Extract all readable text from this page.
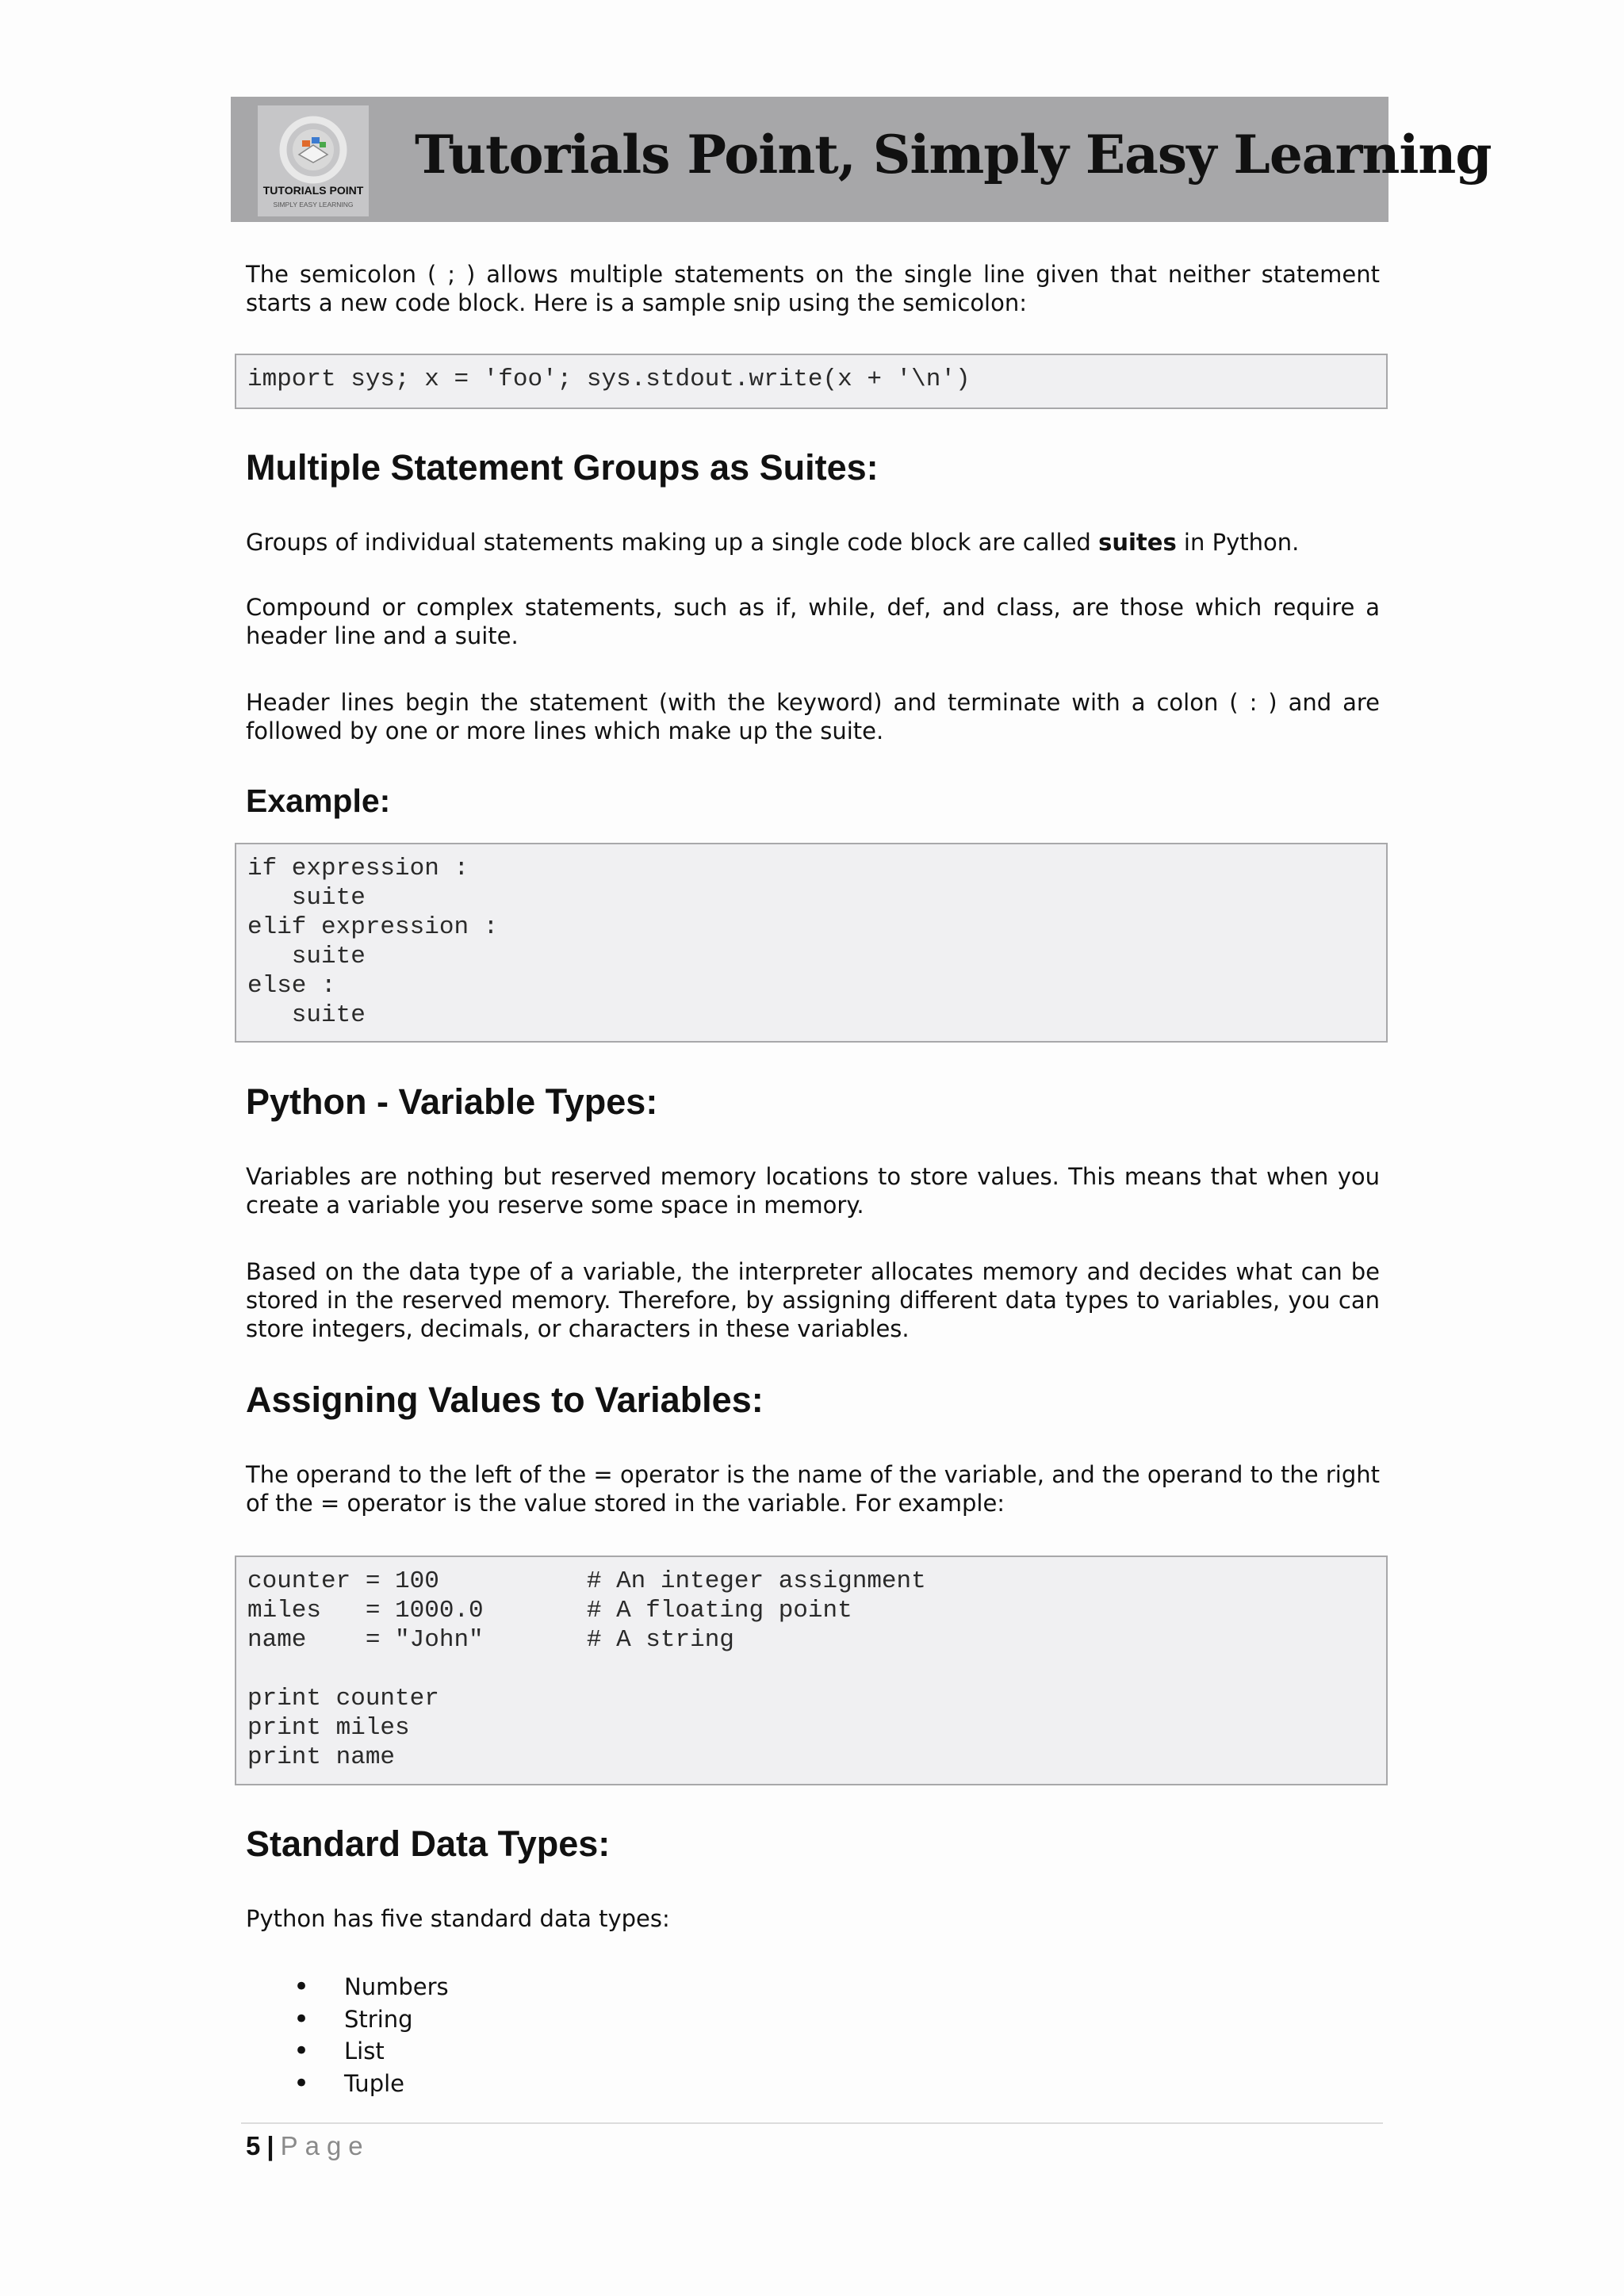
TUTORIALS POINT
SIMPLY EASY LEARNING
Tutorials Point, Simply Easy Learning

The semicolon ( ; ) allows multiple statements on the single line given that neither statement starts a new code block. Here is a sample snip using the semicolon:

import sys; x = 'foo'; sys.stdout.write(x + '\n')
Multiple Statement Groups as Suites:

Groups of individual statements making up a single code block are called suites in Python.

Compound or complex statements, such as if, while, def, and class, are those which require a header line and a suite.

Header lines begin the statement (with the keyword) and terminate with a colon ( : ) and are followed by one or more lines which make up the suite.

Example:
if expression :
suite
elif expression :
suite
else :
suite
Python - Variable Types:

Variables are nothing but reserved memory locations to store values. This means that when you create a variable you reserve some space in memory.

Based on the data type of a variable, the interpreter allocates memory and decides what can be stored in the reserved memory. Therefore, by assigning different data types to variables, you can store integers, decimals, or characters in these variables.

Assigning Values to Variables:

The operand to the left of the = operator is the name of the variable, and the operand to the right of the = operator is the value stored in the variable. For example:

counter = 100          # An integer assignment
miles   = 1000.0       # A floating point
name    = "John"       # A string

print counter
print miles
print name
Standard Data Types:

Python has five standard data types:

• Numbers
• String
• List
• Tuple
5 | Page
